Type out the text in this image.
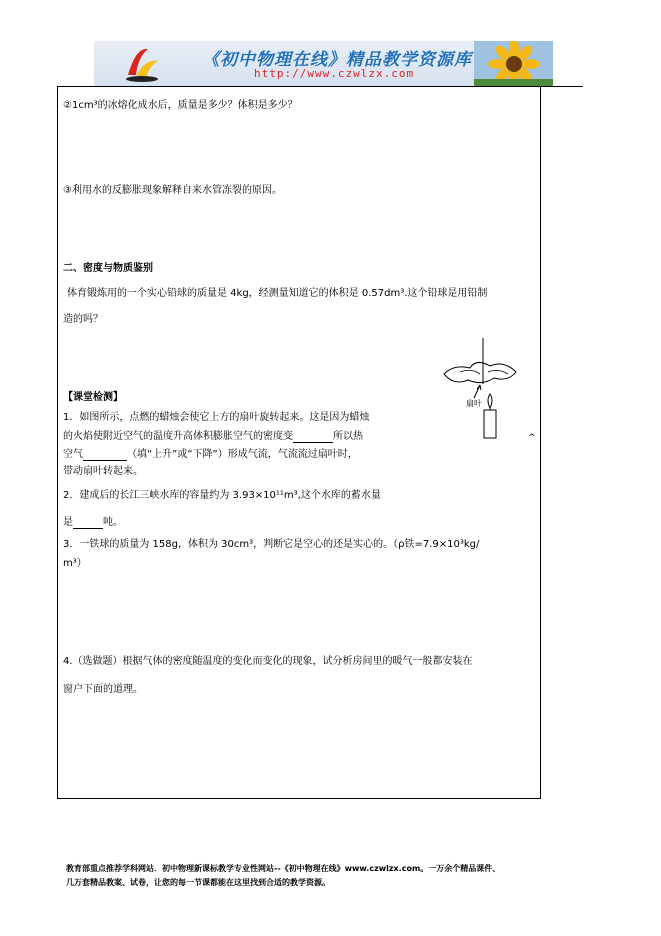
《初中物理在线》精品教学资源库
http://www.czwlzx.com
②1cm³的冰熔化成水后，质量是多少？体积是多少？
③利用水的反膨胀现象解释自来水管冻裂的原因。
二、密度与物质鉴别
体育锻炼用的一个实心铅球的质量是 4kg，经测量知道它的体积是 0.57dm³.这个铅球是用铅制
造的吗？
扇叶
^
【课堂检测】
1．如图所示，点燃的蜡烛会使它上方的扇叶旋转起来。这是因为蜡烛
的火焰使附近空气的温度升高体积膨胀空气的密度变	所以热
空气	（填“上升”或“下降”）形成气流，气流流过扇叶时，
带动扇叶转起来。
2．建成后的长江三峡水库的容量约为 3.93×10¹¹m³,这个水库的蓄水量
是	吨。
3．一铁球的质量为 158g，体积为 30cm³，判断它是空心的还是实心的。（ρ铁=7.9×10³kg/
m³）
4.（选做题）根据气体的密度随温度的变化而变化的现象，试分析房间里的暖气一般都安装在
窗户下面的道理。
教育部重点推荐学科网站．初中物理新课标教学专业性网站--《初中物理在线》www.czwlzx.com。一万余个精品课件、
几万套精品教案、试卷，让您的每一节课都能在这里找到合适的教学资源。
